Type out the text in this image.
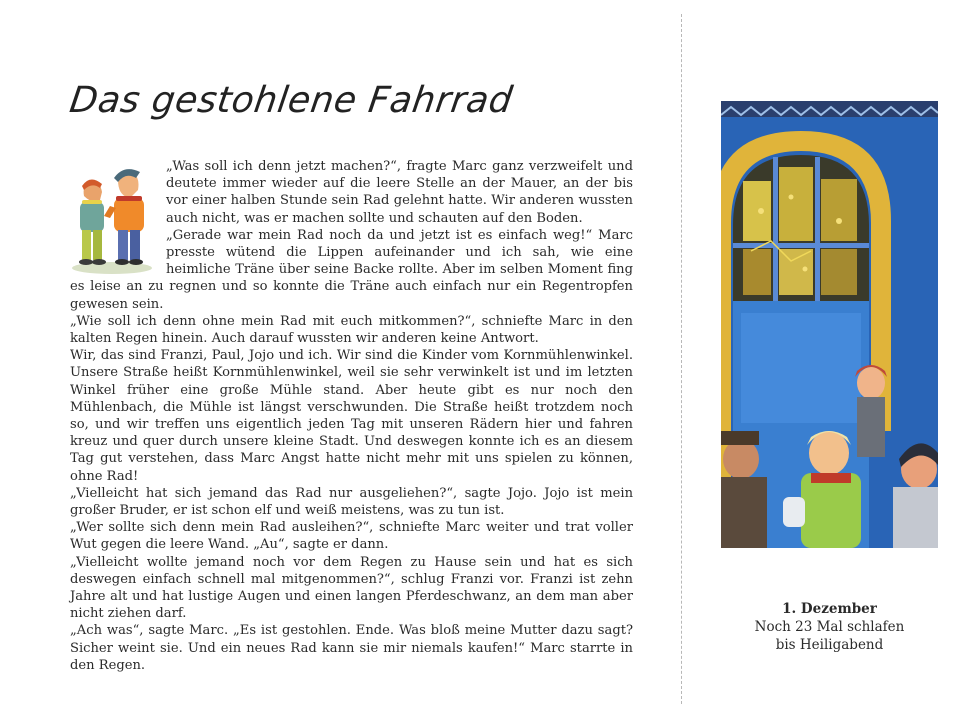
Das gestohlene Fahrrad

„Was soll ich denn jetzt machen?“, fragte Marc ganz verzweifelt und deutete immer wieder auf die leere Stelle an der Mauer, an der bis vor einer halben Stunde sein Rad gelehnt hatte. Wir anderen wussten auch nicht, was er machen sollte und schauten auf den Boden.

„Gerade war mein Rad noch da und jetzt ist es einfach weg!“ Marc presste wütend die Lippen aufeinander und ich sah, wie eine heimliche Träne über seine Backe rollte. Aber im selben Moment fing es leise an zu regnen und so konnte die Träne auch einfach nur ein Regentropfen gewesen sein.

„Wie soll ich denn ohne mein Rad mit euch mitkommen?“, schniefte Marc in den kalten Regen hinein. Auch darauf wussten wir anderen keine Antwort.

Wir, das sind Franzi, Paul, Jojo und ich. Wir sind die Kinder vom Kornmühlenwinkel. Unsere Straße heißt Kornmühlenwinkel, weil sie sehr verwinkelt ist und im letzten Winkel früher eine große Mühle stand. Aber heute gibt es nur noch den Mühlenbach, die Mühle ist längst verschwunden. Die Straße heißt trotzdem noch so, und wir treffen uns eigentlich jeden Tag mit unseren Rädern hier und fahren kreuz und quer durch unsere kleine Stadt. Und deswegen konnte ich es an diesem Tag gut verstehen, dass Marc Angst hatte nicht mehr mit uns spielen zu können, ohne Rad!

„Vielleicht hat sich jemand das Rad nur ausgeliehen?“, sagte Jojo. Jojo ist mein großer Bruder, er ist schon elf und weiß meistens, was zu tun ist.

„Wer sollte sich denn mein Rad ausleihen?“, schniefte Marc weiter und trat voller Wut gegen die leere Wand. „Au“, sagte er dann.

„Vielleicht wollte jemand noch vor dem Regen zu Hause sein und hat es sich deswegen einfach schnell mal mitgenommen?“, schlug Franzi vor. Franzi ist zehn Jahre alt und hat lustige Augen und einen langen Pferdeschwanz, an dem man aber nicht ziehen darf.

„Ach was“, sagte Marc. „Es ist gestohlen. Ende. Was bloß meine Mutter dazu sagt? Sicher weint sie. Und ein neues Rad kann sie mir niemals kaufen!“ Marc starrte in den Regen.

1. Dezember
Noch 23 Mal schlafen
bis Heiligabend
